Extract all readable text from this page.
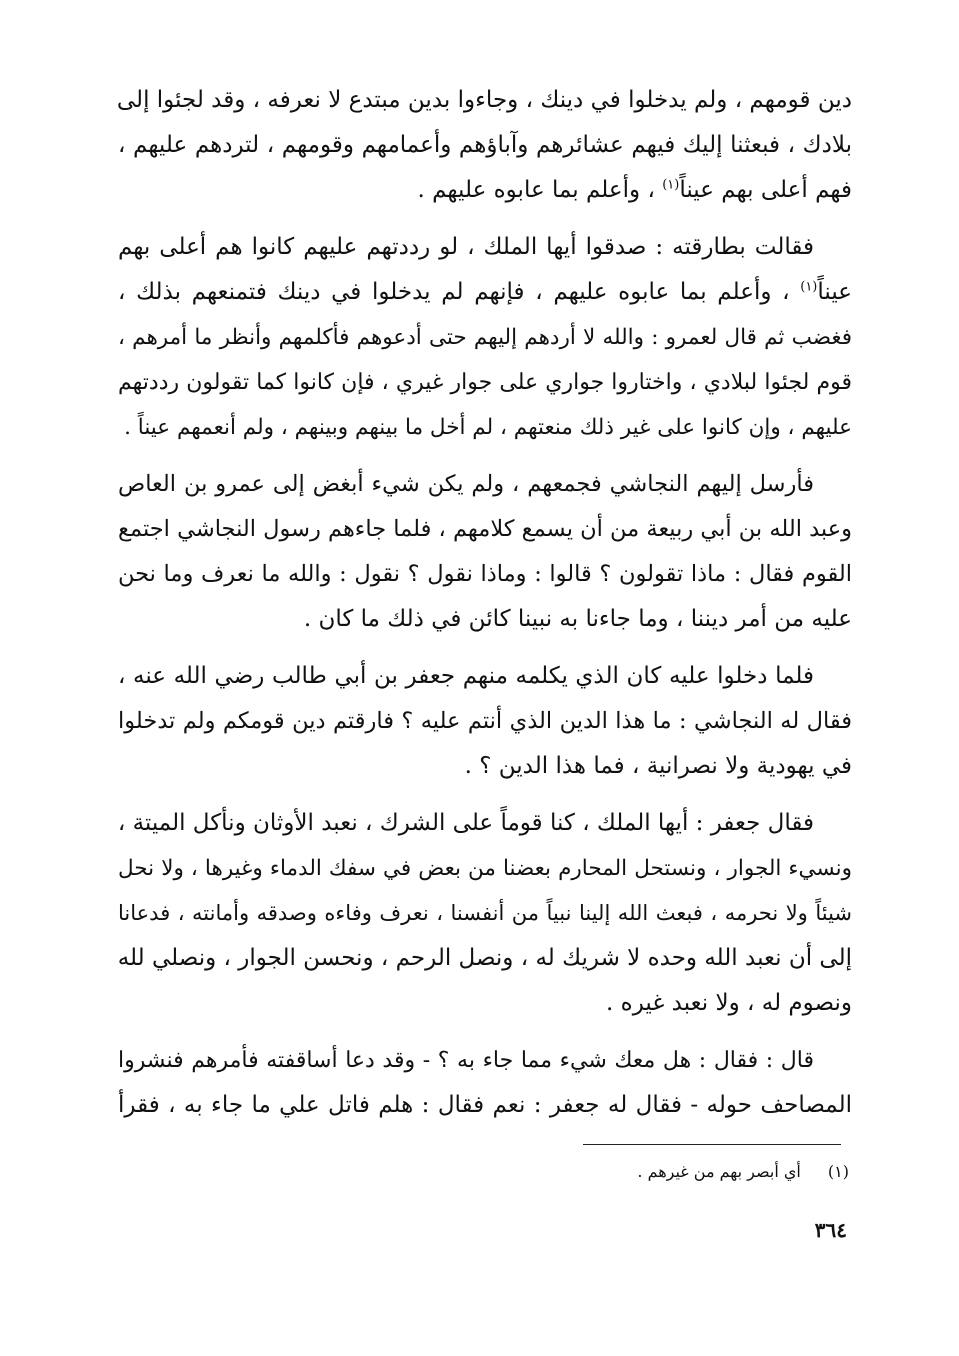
دين قومهم ، ولم يدخلوا في دينك ، وجاءوا بدين مبتدع لا نعرفه ، وقد لجئوا إلى
بلادك ، فبعثنا إليك فيهم عشائرهم وآباؤهم وأعمامهم وقومهم ، لتردهم عليهم ،
فهم أعلى بهم عيناً$^{(١)}$ ، وأعلم بما عابوه عليهم .
فقالت بطارقته : صدقوا أيها الملك ، لو رددتهم عليهم كانوا هم أعلى بهم
عيناً$^{(١)}$ ، وأعلم بما عابوه عليهم ، فإنهم لم يدخلوا في دينك فتمنعهم بذلك ،
فغضب ثم قال لعمرو : والله لا أردهم إليهم حتى أدعوهم فأكلمهم وأنظر ما أمرهم ،
قوم لجئوا لبلادي ، واختاروا جواري على جوار غيري ، فإن كانوا كما تقولون رددتهم
عليهم ، وإن كانوا على غير ذلك منعتهم ، لم أخل ما بينهم وبينهم ، ولم أنعمهم عيناً .
فأرسل إليهم النجاشي فجمعهم ، ولم يكن شيء أبغض إلى عمرو بن العاص
وعبد الله بن أبي ربيعة من أن يسمع كلامهم ، فلما جاءهم رسول النجاشي اجتمع
القوم فقال : ماذا تقولون ؟ قالوا : وماذا نقول ؟ نقول : والله ما نعرف وما نحن
عليه من أمر ديننا ، وما جاءنا به نبينا كائن في ذلك ما كان .
فلما دخلوا عليه كان الذي يكلمه منهم جعفر بن أبي طالب رضي الله عنه ،
فقال له النجاشي : ما هذا الدين الذي أنتم عليه ؟ فارقتم دين قومكم ولم تدخلوا
في يهودية ولا نصرانية ، فما هذا الدين ؟ .
فقال جعفر : أيها الملك ، كنا قوماً على الشرك ، نعبد الأوثان ونأكل الميتة ،
ونسيء الجوار ، ونستحل المحارم بعضنا من بعض في سفك الدماء وغيرها ، ولا نحل
شيئاً ولا نحرمه ، فبعث الله إلينا نبياً من أنفسنا ، نعرف وفاءه وصدقه وأمانته ، فدعانا
إلى أن نعبد الله وحده لا شريك له ، ونصل الرحم ، ونحسن الجوار ، ونصلي لله
ونصوم له ، ولا نعبد غيره .
قال : فقال : هل معك شيء مما جاء به ؟ - وقد دعا أساقفته فأمرهم فنشروا
المصاحف حوله - فقال له جعفر : نعم فقال : هلم فاتل علي ما جاء به ، فقرأ
(١) أي أبصر بهم من غيرهم .
٣٦٤
